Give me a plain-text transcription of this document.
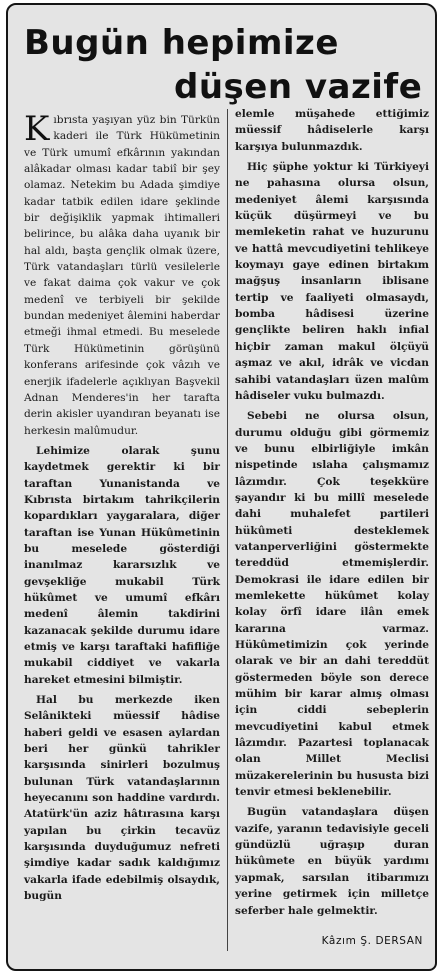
Bugün hepimize
düşen vazife

Kıbrısta yaşıyan yüz bin Türkün kaderi ile Türk Hükümetinin ve Türk umumî efkârının yakından alâkadar olması kadar tabiî bir şey olamaz. Netekim bu Adada şimdiye kadar tatbik edilen idare şeklinde bir değişiklik yapmak ihtimalleri belirince, bu alâka daha uyanık bir hal aldı, başta gençlik olmak üzere, Türk vatandaşları türlü vesilelerle ve fakat daima çok vakur ve çok medenî ve terbiyeli bir şekilde bundan medeniyet âlemini haberdar etmeği ihmal etmedi. Bu meselede Türk Hükümetinin görüşünü konferans arifesinde çok vâzıh ve enerjik ifadelerle açıklıyan Başvekil Adnan Menderes'in her tarafta derin akisler uyandıran beyanatı ise herkesin malûmudur.

Lehimize olarak şunu kaydetmek gerektir ki bir taraftan Yunanistanda ve Kıbrısta birtakım tahrikçilerin kopardıkları yaygaralara, diğer taraftan ise Yunan Hükûmetinin bu meselede gösterdiği inanılmaz kararsızlık ve gevşekliğe mukabil Türk hükûmet ve umumî efkârı medenî âlemin takdirini kazanacak şekilde durumu idare etmiş ve karşı taraftaki hafifliğe mukabil ciddiyet ve vakarla hareket etmesini bilmiştir.

Hal bu merkezde iken Selânikteki müessif hâdise haberi geldi ve esasen aylardan beri her günkü tahrikler karşısında sinirleri bozulmuş bulunan Türk vatandaşlarının heyecanını son haddine vardırdı. Atatürk'ün aziz hâtırasına karşı yapılan bu çirkin tecavüz karşısında duyduğumuz nefreti şimdiye kadar sadık kaldığımız vakarla ifade edebilmiş olsaydık, bugün

elemle müşahede ettiğimiz müessif hâdiselerle karşı karşıya bulunmazdık.

Hiç şüphe yoktur ki Türkiyeyi ne pahasına olursa olsun, medeniyet âlemi karşısında küçük düşürmeyi ve bu memleketin rahat ve huzurunu ve hattâ mevcudiyetini tehlikeye koymayı gaye edinen birtakım mağşuş insanların iblisane tertip ve faaliyeti olmasaydı, bomba hâdisesi üzerine gençlikte beliren haklı infial hiçbir zaman makul ölçüyü aşmaz ve akıl, idrâk ve vicdan sahibi vatandaşları üzen malûm hâdiseler vuku bulmazdı.

Sebebi ne olursa olsun, durumu olduğu gibi görmemiz ve bunu elbirliğiyle imkân nispetinde ıslaha çalışmamız lâzımdır. Çok teşekküre şayandır ki bu millî meselede dahi muhalefet partileri hükûmeti desteklemek vatanperverliğini göstermekte tereddüd etmemişlerdir. Demokrasi ile idare edilen bir memlekette hükûmet kolay kolay örfî idare ilân emek kararına varmaz. Hükûmetimizin çok yerinde olarak ve bir an dahi tereddüt göstermeden böyle son derece mühim bir karar almış olması için ciddi sebeplerin mevcudiyetini kabul etmek lâzımdır. Pazartesi toplanacak olan Millet Meclisi müzakerelerinin bu hususta bizi tenvir etmesi beklenebilir.

Bugün vatandaşlara düşen vazife, yaranın tedavisiyle geceli gündüzlü uğraşıp duran hükûmete en büyük yardımı yapmak, sarsılan itibarımızı yerine getirmek için milletçe seferber hale gelmektir.

Kâzım Ş. DERSAN
